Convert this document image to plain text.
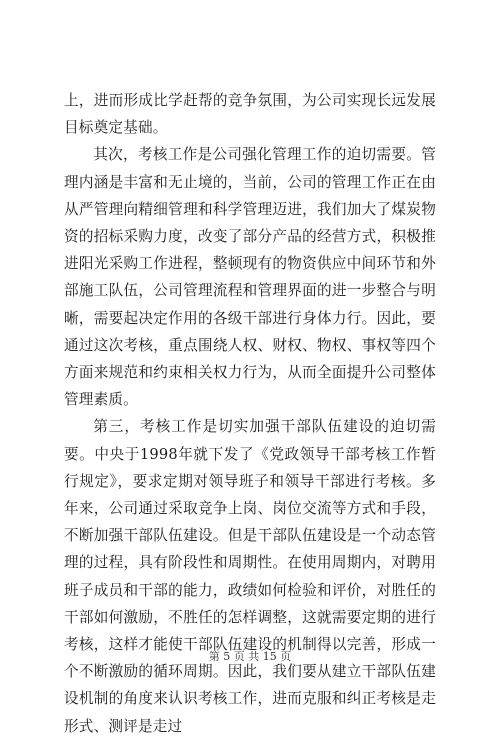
上，进而形成比学赶帮的竞争氛围，为公司实现长远发展目标奠定基础。

其次，考核工作是公司强化管理工作的迫切需要。管理内涵是丰富和无止境的，当前，公司的管理工作正在由从严管理向精细管理和科学管理迈进，我们加大了煤炭物资的招标采购力度，改变了部分产品的经营方式，积极推进阳光采购工作进程，整顿现有的物资供应中间环节和外部施工队伍，公司管理流程和管理界面的进一步整合与明晰，需要起决定作用的各级干部进行身体力行。因此，要通过这次考核，重点围绕人权、财权、物权、事权等四个方面来规范和约束相关权力行为，从而全面提升公司整体管理素质。

第三，考核工作是切实加强干部队伍建设的迫切需要。中央于1998年就下发了《党政领导干部考核工作暂行规定》，要求定期对领导班子和领导干部进行考核。多年来，公司通过采取竞争上岗、岗位交流等方式和手段，不断加强干部队伍建设。但是干部队伍建设是一个动态管理的过程，具有阶段性和周期性。在使用周期内，对聘用班子成员和干部的能力，政绩如何检验和评价，对胜任的干部如何激励，不胜任的怎样调整，这就需要定期的进行考核，这样才能使干部队伍建设的机制得以完善，形成一个不断激励的循环周期。因此，我们要从建立干部队伍建设机制的角度来认识考核工作，进而克服和纠正考核是走形式、测评是走过

第 5 页 共 15 页
